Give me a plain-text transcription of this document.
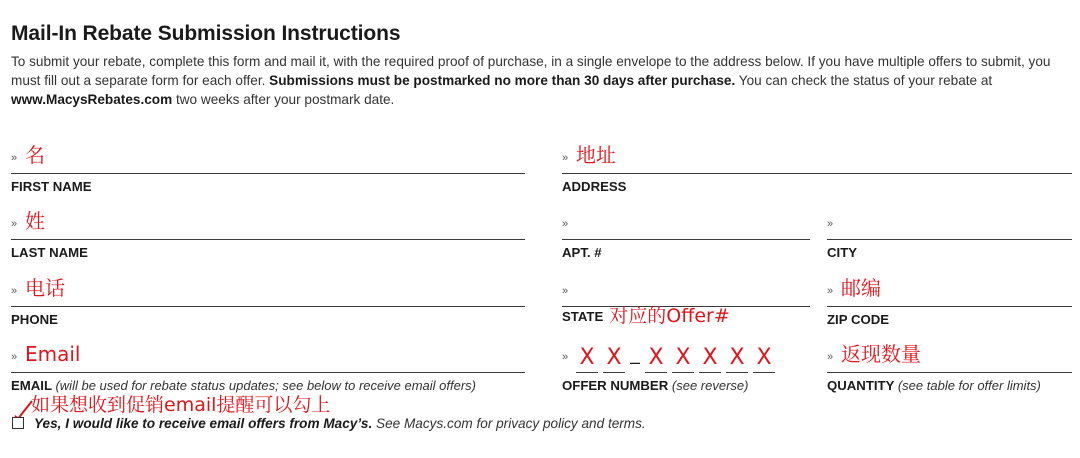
Mail-In Rebate Submission Instructions
To submit your rebate, complete this form and mail it, with the required proof of purchase, in a single envelope to the address below. If you have multiple offers to submit, you must fill out a separate form for each offer. Submissions must be postmarked no more than 30 days after purchase. You can check the status of your rebate at www.MacysRebates.com two weeks after your postmark date.
» 名
FIRST NAME
» 姓
LAST NAME
» 电话
PHONE
» Email
EMAIL (will be used for rebate status updates; see below to receive email offers)
» 地址
ADDRESS
»
APT. #
»
CITY
»
STATE 对应的Offer#
» 邮编
ZIP CODE
» X X – X X X X X
OFFER NUMBER (see reverse)
» 返现数量
QUANTITY (see table for offer limits)
如果想收到促销email提醒可以勾上
Yes, I would like to receive email offers from Macy’s. See Macys.com for privacy policy and terms.
